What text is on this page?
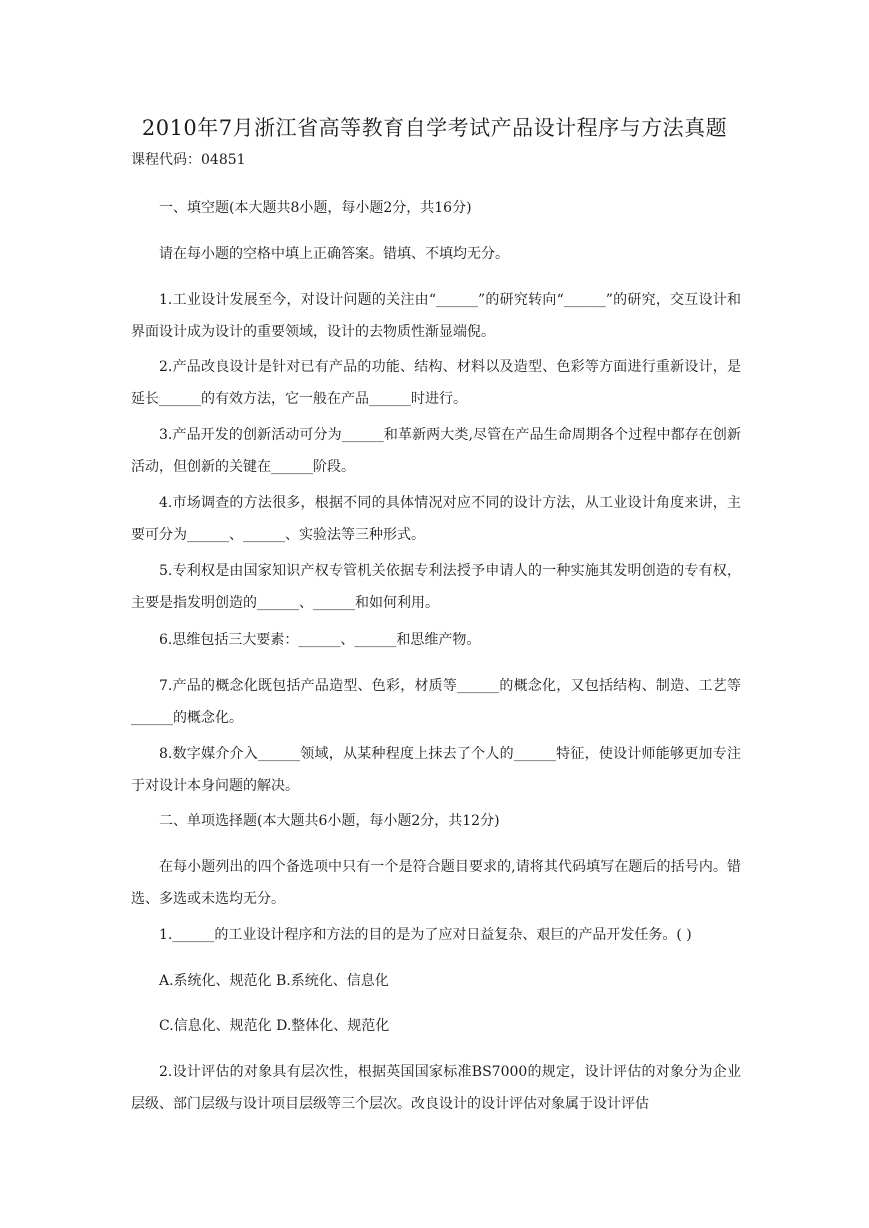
2010年7月浙江省高等教育自学考试产品设计程序与方法真题
课程代码：04851

一、填空题(本大题共8小题，每小题2分，共16分)

请在每小题的空格中填上正确答案。错填、不填均无分。

1.工业设计发展至今，对设计问题的关注由“______”的研究转向“______”的研究，交互设计和界面设计成为设计的重要领域，设计的去物质性渐显端倪。

2.产品改良设计是针对已有产品的功能、结构、材料以及造型、色彩等方面进行重新设计，是延长______的有效方法，它一般在产品______时进行。

3.产品开发的创新活动可分为______和革新两大类,尽管在产品生命周期各个过程中都存在创新活动，但创新的关键在______阶段。

4.市场调查的方法很多，根据不同的具体情况对应不同的设计方法，从工业设计角度来讲，主要可分为______、______、实验法等三种形式。

5.专利权是由国家知识产权专管机关依据专利法授予申请人的一种实施其发明创造的专有权，主要是指发明创造的______、______和如何利用。

6.思维包括三大要素：______、______和思维产物。

7.产品的概念化既包括产品造型、色彩，材质等______的概念化，又包括结构、制造、工艺等______的概念化。

8.数字媒介介入______领域，从某种程度上抹去了个人的______特征，使设计师能够更加专注于对设计本身问题的解决。

二、单项选择题(本大题共6小题，每小题2分，共12分)

在每小题列出的四个备选项中只有一个是符合题目要求的,请将其代码填写在题后的括号内。错选、多选或未选均无分。

1.______的工业设计程序和方法的目的是为了应对日益复杂、艰巨的产品开发任务。( )

A.系统化、规范化 B.系统化、信息化

C.信息化、规范化 D.整体化、规范化

2.设计评估的对象具有层次性，根据英国国家标准BS7000的规定，设计评估的对象分为企业层级、部门层级与设计项目层级等三个层次。改良设计的设计评估对象属于设计评估
